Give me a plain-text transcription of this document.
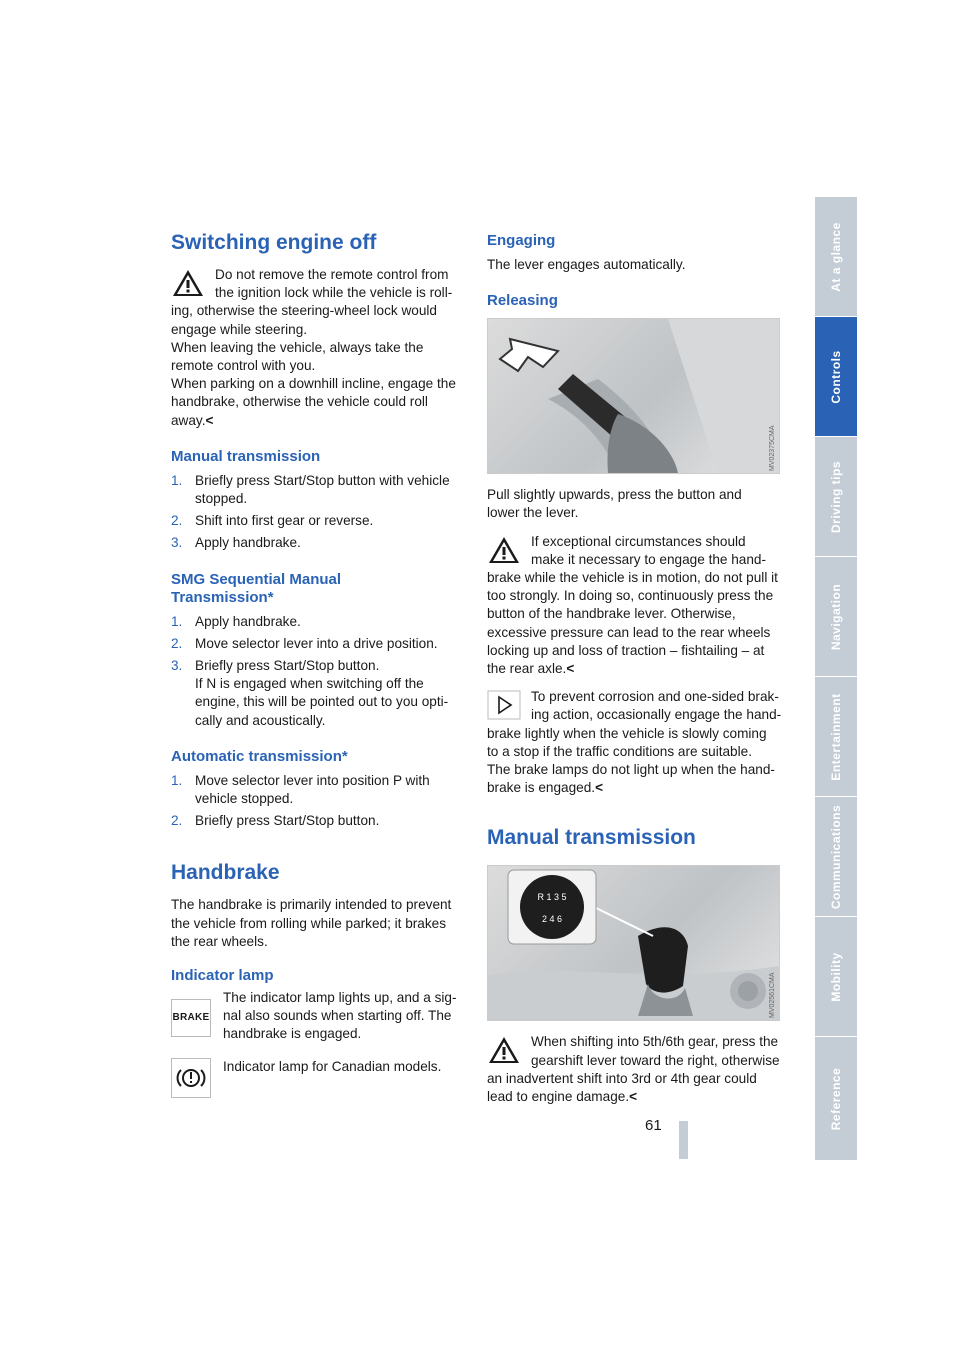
At a glance
Controls
Driving tips
Navigation
Entertainment
Communications
Mobility
Reference
61
Switching engine off
Do not remove the remote control from
the ignition lock while the vehicle is roll-
ing, otherwise the steering-wheel lock would
engage while steering.
When leaving the vehicle, always take the
remote control with you.
When parking on a downhill incline, engage the
handbrake, otherwise the vehicle could roll
away.<
Manual transmission
1. Briefly press Start/Stop button with vehicle stopped.
2. Shift into first gear or reverse.
3. Apply handbrake.
SMG Sequential Manual
Transmission*
1. Apply handbrake.
2. Move selector lever into a drive position.
3. Briefly press Start/Stop button.
If N is engaged when switching off the
engine, this will be pointed out to you opti-
cally and acoustically.
Automatic transmission*
1. Move selector lever into position P with vehicle stopped.
2. Briefly press Start/Stop button.
Handbrake
The handbrake is primarily intended to prevent
the vehicle from rolling while parked; it brakes
the rear wheels.
Indicator lamp
BRAKE
The indicator lamp lights up, and a sig-
nal also sounds when starting off. The
handbrake is engaged.
Indicator lamp for Canadian models.
Engaging
The lever engages automatically.
Releasing
MV02375CMA
Pull slightly upwards, press the button and
lower the lever.
If exceptional circumstances should
make it necessary to engage the hand-
brake while the vehicle is in motion, do not pull it
too strongly. In doing so, continuously press the
button of the handbrake lever. Otherwise,
excessive pressure can lead to the rear wheels
locking up and loss of traction – fishtailing – at
the rear axle.<
To prevent corrosion and one-sided brak-
ing action, occasionally engage the hand-
brake lightly when the vehicle is slowly coming
to a stop if the traffic conditions are suitable.
The brake lamps do not light up when the hand-
brake is engaged.<
Manual transmission
R 1 3 5
2 4 6
MV02561CMA
When shifting into 5th/6th gear, press the
gearshift lever toward the right, otherwise
an inadvertent shift into 3rd or 4th gear could
lead to engine damage.<
